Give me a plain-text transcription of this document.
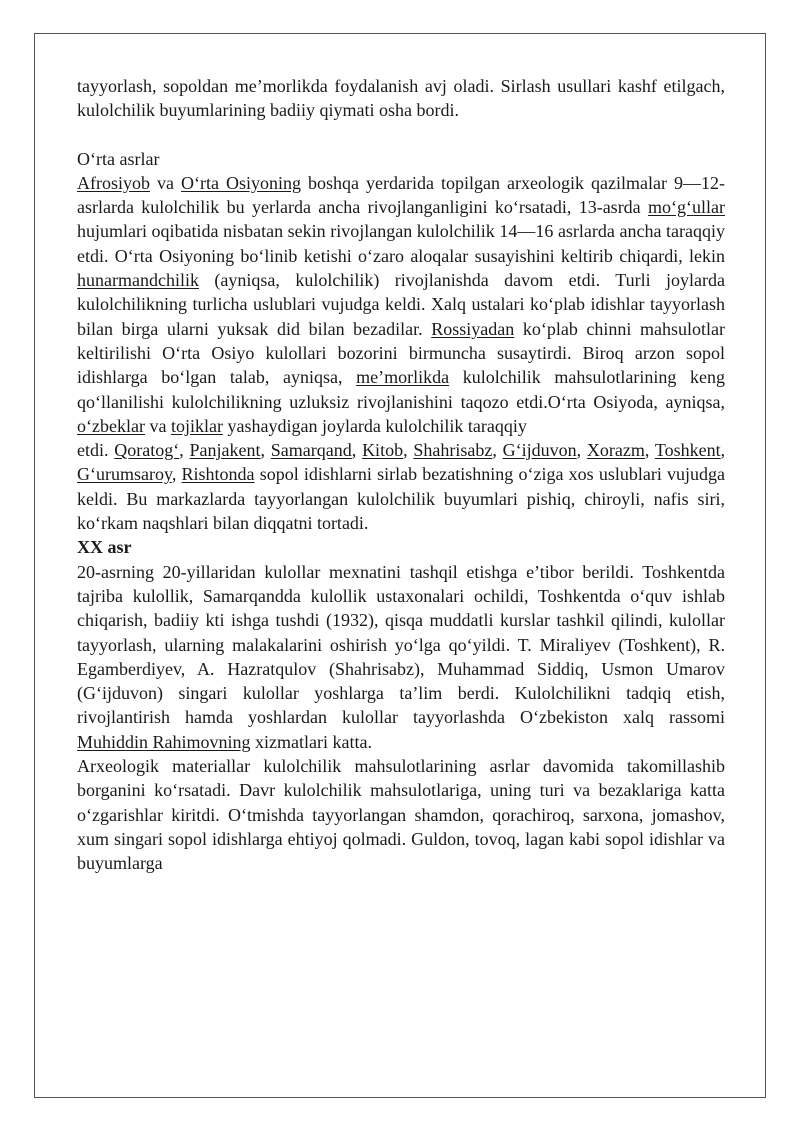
tayyorlash, sopoldan me’morlikda foydalanish avj oladi. Sirlash usullari kashf etilgach, kulolchilik buyumlarining badiiy qiymati osha bordi.

O‘rta asrlar

Afrosiyob va O‘rta Osiyoning boshqa yerdarida topilgan arxeologik qazilmalar 9—12-asrlarda kulolchilik bu yerlarda ancha rivojlanganligini ko‘rsatadi, 13-asrda mo‘g‘ullar hujumlari oqibatida nisbatan sekin rivojlangan kulolchilik 14—16 asrlarda ancha taraqqiy etdi. O‘rta Osiyoning bo‘linib ketishi o‘zaro aloqalar susayishini keltirib chiqardi, lekin hunarmandchilik (ayniqsa, kulolchilik) rivojlanishda davom etdi. Turli joylarda kulolchilikning turlicha uslublari vujudga keldi. Xalq ustalari ko‘plab idishlar tayyorlash bilan birga ularni yuksak did bilan bezadilar. Rossiyadan ko‘plab chinni mahsulotlar keltirilishi O‘rta Osiyo kulollari bozorini birmuncha susaytirdi. Biroq arzon sopol idishlarga bo‘lgan talab, ayniqsa, me’morlikda kulolchilik mahsulotlarining keng qo‘llanilishi kulolchilikning uzluksiz rivojlanishini taqozo etdi.O‘rta Osiyoda, ayniqsa, o‘zbeklar va tojiklar yashaydigan joylarda kulolchilik taraqqiy

etdi. Qoratog‘, Panjakent, Samarqand, Kitob, Shahrisabz, G‘ijduvon, Xorazm, Toshkent, G‘urumsaroy, Rishtonda sopol idishlarni sirlab bezatishning o‘ziga xos uslublari vujudga keldi. Bu markazlarda tayyorlangan kulolchilik buyumlari pishiq, chiroyli, nafis siri, ko‘rkam naqshlari bilan diqqatni tortadi.

XX asr

20-asrning 20-yillaridan kulollar mexnatini tashqil etishga e’tibor berildi. Toshkentda tajriba kulollik, Samarqandda kulollik ustaxonalari ochildi, Toshkentda o‘quv ishlab chiqarish, badiiy kti ishga tushdi (1932), qisqa muddatli kurslar tashkil qilindi, kulollar tayyorlash, ularning malakalarini oshirish yo‘lga qo‘yildi. T. Miraliyev (Toshkent), R. Egamberdiyev, A. Hazratqulov (Shahrisabz), Muhammad Siddiq, Usmon Umarov (G‘ijduvon) singari kulollar yoshlarga ta’lim berdi. Kulolchilikni tadqiq etish, rivojlantirish hamda yoshlardan kulollar tayyorlashda O‘zbekiston xalq rassomi Muhiddin Rahimovning xizmatlari katta.

Arxeologik materiallar kulolchilik mahsulotlarining asrlar davomida takomillashib borganini ko‘rsatadi. Davr kulolchilik mahsulotlariga, uning turi va bezaklariga katta o‘zgarishlar kiritdi. O‘tmishda tayyorlangan shamdon, qorachiroq, sarxona, jomashov, xum singari sopol idishlarga ehtiyoj qolmadi. Guldon, tovoq, lagan kabi sopol idishlar va buyumlarga
